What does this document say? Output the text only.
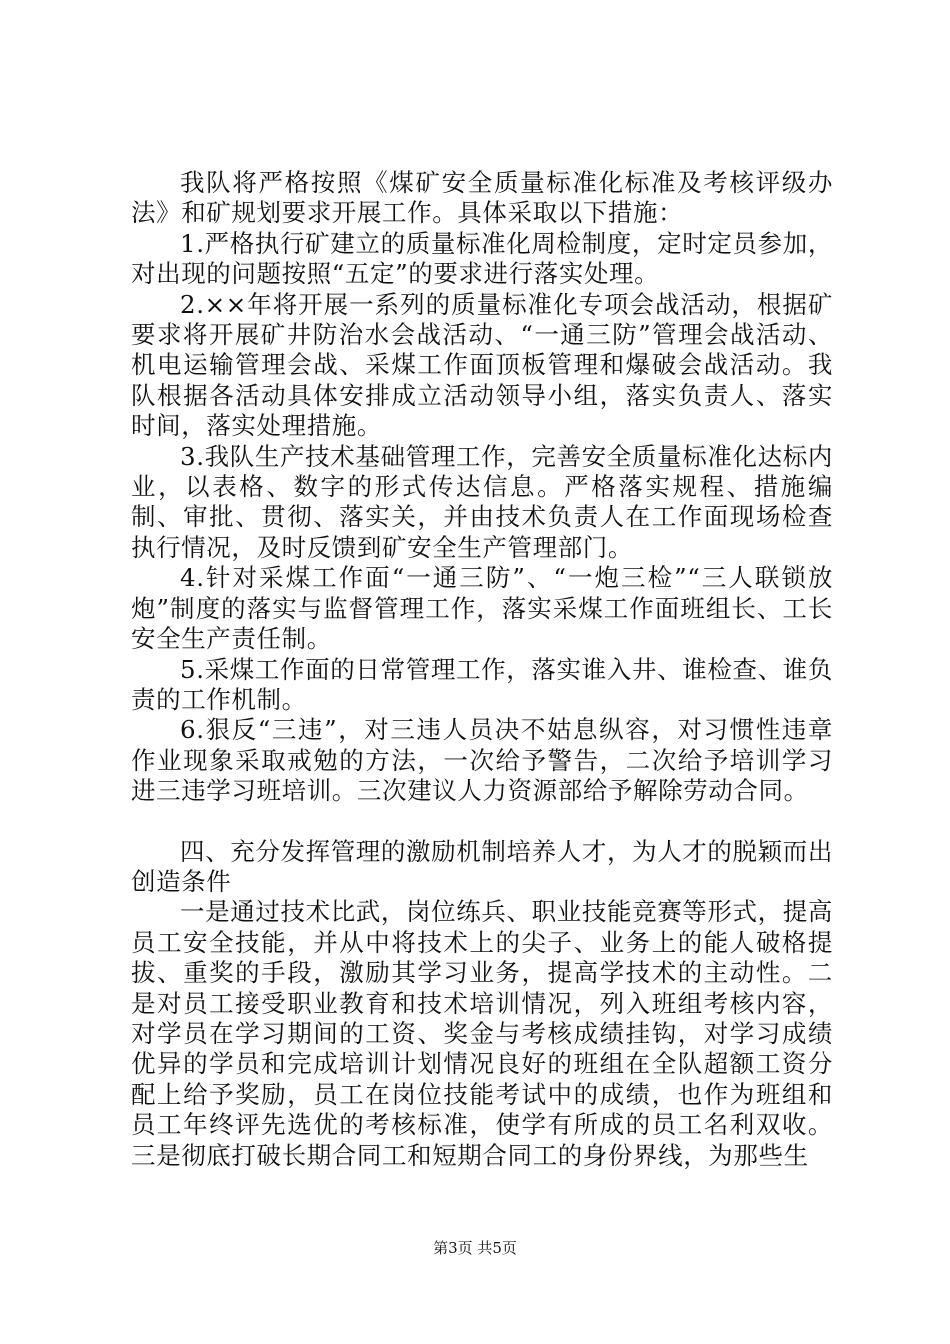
我队将严格按照《煤矿安全质量标准化标准及考核评级办法》和矿规划要求开展工作。具体采取以下措施：

1.严格执行矿建立的质量标准化周检制度，定时定员参加，对出现的问题按照“五定”的要求进行落实处理。

2.××年将开展一系列的质量标准化专项会战活动，根据矿要求将开展矿井防治水会战活动、“一通三防”管理会战活动、机电运输管理会战、采煤工作面顶板管理和爆破会战活动。我队根据各活动具体安排成立活动领导小组，落实负责人、落实时间，落实处理措施。

3.我队生产技术基础管理工作，完善安全质量标准化达标内业，以表格、数字的形式传达信息。严格落实规程、措施编制、审批、贯彻、落实关，并由技术负责人在工作面现场检查执行情况，及时反馈到矿安全生产管理部门。

4.针对采煤工作面“一通三防”、“一炮三检”“三人联锁放炮”制度的落实与监督管理工作，落实采煤工作面班组长、工长安全生产责任制。

5.采煤工作面的日常管理工作，落实谁入井、谁检查、谁负责的工作机制。

6.狠反“三违”，对三违人员决不姑息纵容，对习惯性违章作业现象采取戒勉的方法，一次给予警告，二次给予培训学习进三违学习班培训。三次建议人力资源部给予解除劳动合同。

四、充分发挥管理的激励机制培养人才，为人才的脱颖而出创造条件

一是通过技术比武，岗位练兵、职业技能竞赛等形式，提高员工安全技能，并从中将技术上的尖子、业务上的能人破格提拔、重奖的手段，激励其学习业务，提高学技术的主动性。二是对员工接受职业教育和技术培训情况，列入班组考核内容，对学员在学习期间的工资、奖金与考核成绩挂钩，对学习成绩优异的学员和完成培训计划情况良好的班组在全队超额工资分配上给予奖励，员工在岗位技能考试中的成绩，也作为班组和员工年终评先选优的考核标准，使学有所成的员工名利双收。三是彻底打破长期合同工和短期合同工的身份界线，为那些生

第3页 共5页
